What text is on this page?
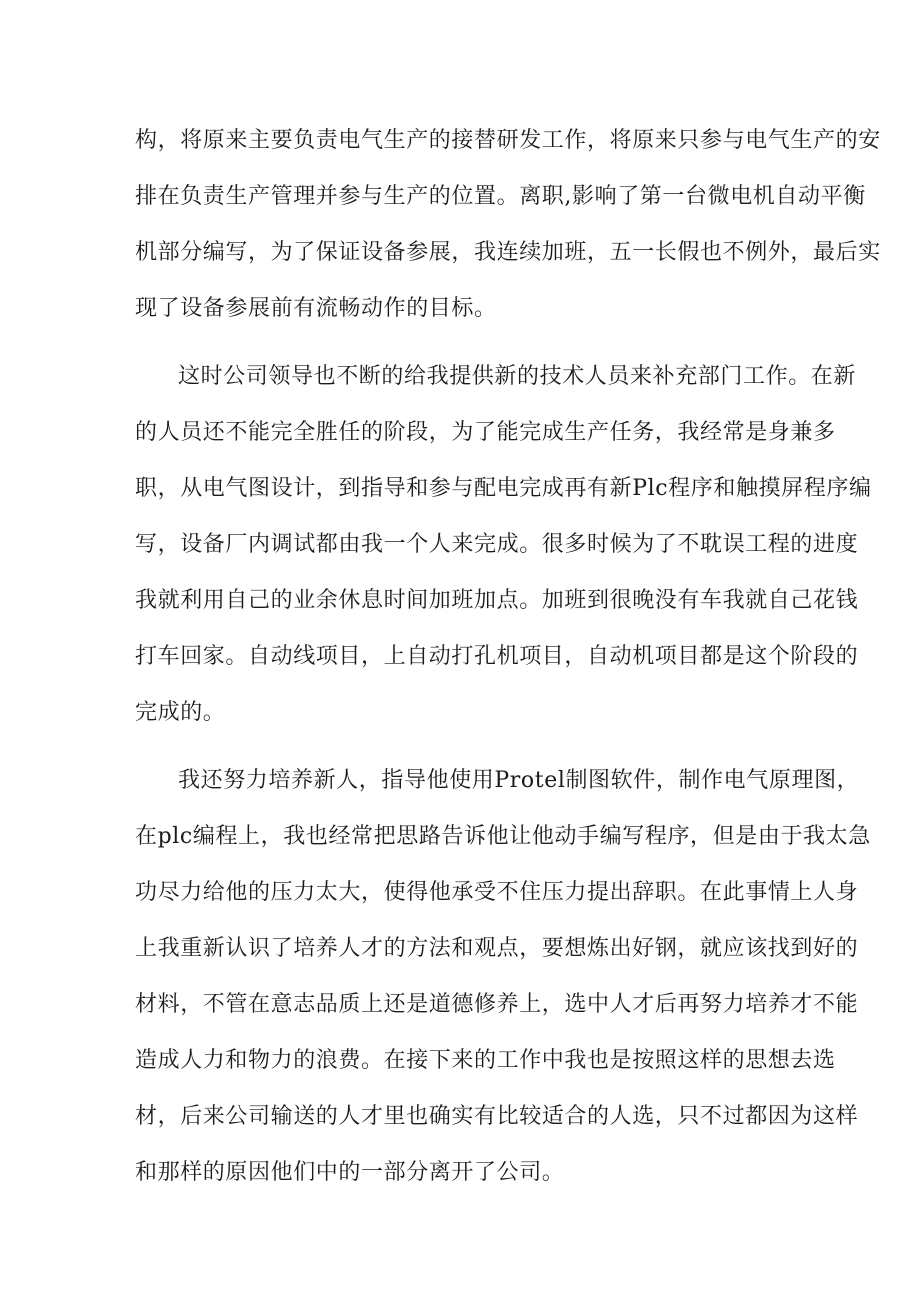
构，将原来主要负责电气生产的接替研发工作，将原来只参与电气生产的安
排在负责生产管理并参与生产的位置。离职,影响了第一台微电机自动平衡
机部分编写，为了保证设备参展，我连续加班，五一长假也不例外，最后实
现了设备参展前有流畅动作的目标。
这时公司领导也不断的给我提供新的技术人员来补充部门工作。在新
的人员还不能完全胜任的阶段，为了能完成生产任务，我经常是身兼多
职，从电气图设计，到指导和参与配电完成再有新Plc程序和触摸屏程序编
写，设备厂内调试都由我一个人来完成。很多时候为了不耽误工程的进度
我就利用自己的业余休息时间加班加点。加班到很晚没有车我就自己花钱
打车回家。自动线项目，上自动打孔机项目，自动机项目都是这个阶段的
完成的。
我还努力培养新人，指导他使用Protel制图软件，制作电气原理图，
在plc编程上，我也经常把思路告诉他让他动手编写程序，但是由于我太急
功尽力给他的压力太大，使得他承受不住压力提出辞职。在此事情上人身
上我重新认识了培养人才的方法和观点，要想炼出好钢，就应该找到好的
材料，不管在意志品质上还是道德修养上，选中人才后再努力培养才不能
造成人力和物力的浪费。在接下来的工作中我也是按照这样的思想去选
材，后来公司输送的人才里也确实有比较适合的人选，只不过都因为这样
和那样的原因他们中的一部分离开了公司。
